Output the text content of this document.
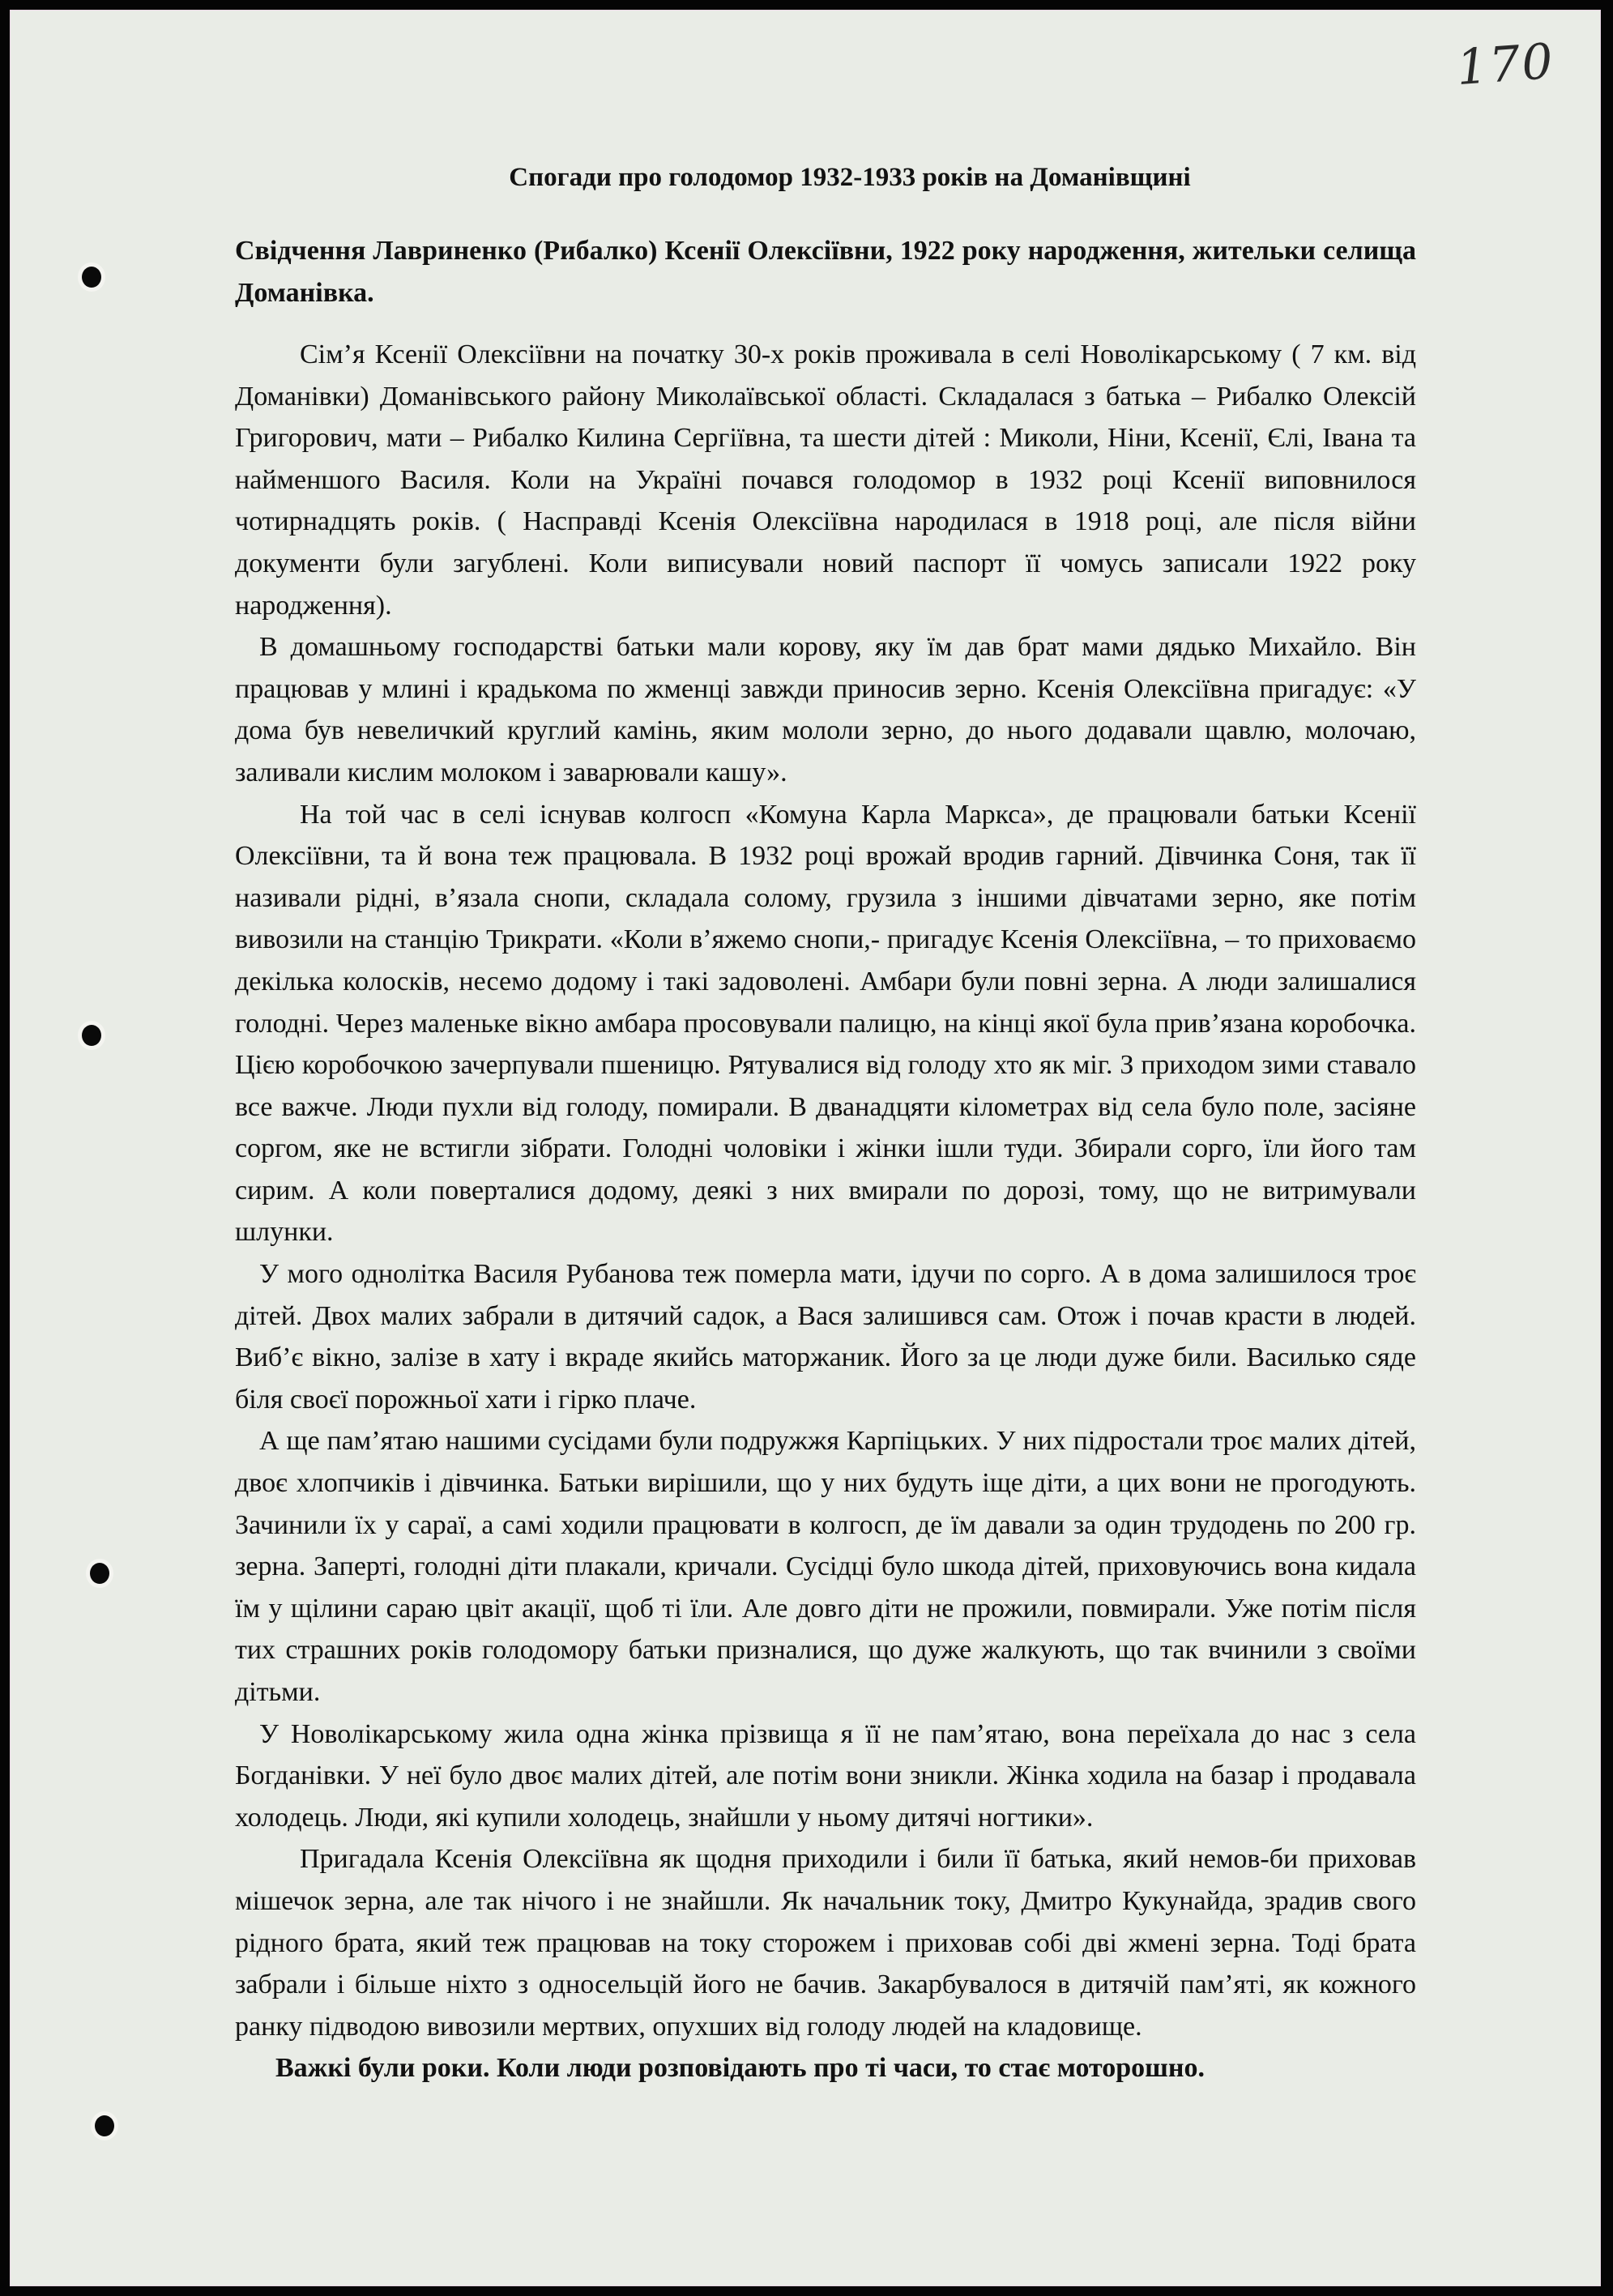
170
Спогади про голодомор 1932-1933 років на Доманівщині

Свідчення Лавриненко (Рибалко) Ксенії Олексіївни, 1922 року народження, жительки селища Доманівка.

Сім’я Ксенії Олексіївни на початку 30-х років проживала в селі Новолікарському ( 7 км. від Доманівки) Доманівського району Миколаївської області. Складалася з батька – Рибалко Олексій Григорович, мати – Рибалко Килина Сергіївна, та шести дітей : Миколи, Ніни, Ксенії, Єлі, Івана та найменшого Василя. Коли на Україні почався голодомор в 1932 році Ксенії виповнилося чотирнадцять років. ( Насправді Ксенія Олексіївна народилася в 1918 році, але після війни документи були загублені. Коли виписували новий паспорт її чомусь записали 1922 року народження).

В домашньому господарстві батьки мали корову, яку їм дав брат мами дядько Михайло. Він працював у млині і крадькома по жменці завжди приносив зерно. Ксенія Олексіївна пригадує: «У дома був невеличкий круглий камінь, яким мололи зерно, до нього додавали щавлю, молочаю, заливали кислим молоком і заварювали кашу».

На той час в селі існував колгосп «Комуна Карла Маркса», де працювали батьки Ксенії Олексіївни, та й вона теж працювала. В 1932 році врожай вродив гарний. Дівчинка Соня, так її називали рідні, в’язала снопи, складала солому, грузила з іншими дівчатами зерно, яке потім вивозили на станцію Трикрати. «Коли в’яжемо снопи,- пригадує Ксенія Олексіївна, – то приховаємо декілька колосків, несемо додому і такі задоволені. Амбари були повні зерна. А люди залишалися голодні. Через маленьке вікно амбара просовували палицю, на кінці якої була прив’язана коробочка. Цією коробочкою зачерпували пшеницю. Рятувалися від голоду хто як міг. З приходом зими ставало все важче. Люди пухли від голоду, помирали. В дванадцяти кілометрах від села було поле, засіяне соргом, яке не встигли зібрати. Голодні чоловіки і жінки ішли туди. Збирали сорго, їли його там сирим. А коли поверталися додому, деякі з них вмирали по дорозі, тому, що не витримували шлунки.

У мого однолітка Василя Рубанова теж померла мати, ідучи по сорго. А в дома залишилося троє дітей. Двох малих забрали в дитячий садок, а Вася залишився сам. Отож і почав красти в людей. Виб’є вікно, залізе в хату і вкраде якийсь маторжаник. Його за це люди дуже били. Василько сяде біля своєї порожньої хати і гірко плаче.

А ще пам’ятаю нашими сусідами були подружжя Карпіцьких. У них підростали троє малих дітей, двоє хлопчиків і дівчинка. Батьки вирішили, що у них будуть іще діти, а цих вони не прогодують. Зачинили їх у сараї, а самі ходили працювати в колгосп, де їм давали за один трудодень по 200 гр. зерна. Заперті, голодні діти плакали, кричали. Сусідці було шкода дітей, приховуючись вона кидала їм у щілини сараю цвіт акації, щоб ті їли. Але довго діти не прожили, повмирали. Уже потім після тих страшних років голодомору батьки призналися, що дуже жалкують, що так вчинили з своїми дітьми.

У Новолікарському жила одна жінка прізвища я її не пам’ятаю, вона переїхала до нас з села Богданівки. У неї було двоє малих дітей, але потім вони зникли. Жінка ходила на базар і продавала холодець. Люди, які купили холодець, знайшли у ньому дитячі ногтики».

Пригадала Ксенія Олексіївна як щодня приходили і били її батька, який немов-би приховав мішечок зерна, але так нічого і не знайшли. Як начальник току, Дмитро Кукунайда, зрадив свого рідного брата, який теж працював на току сторожем і приховав собі дві жмені зерна. Тоді брата забрали і більше ніхто з односельцій його не бачив. Закарбувалося в дитячій пам’яті, як кожного ранку підводою вивозили мертвих, опухших від голоду людей на кладовище.

Важкі були роки. Коли люди розповідають про ті часи, то стає моторошно.
